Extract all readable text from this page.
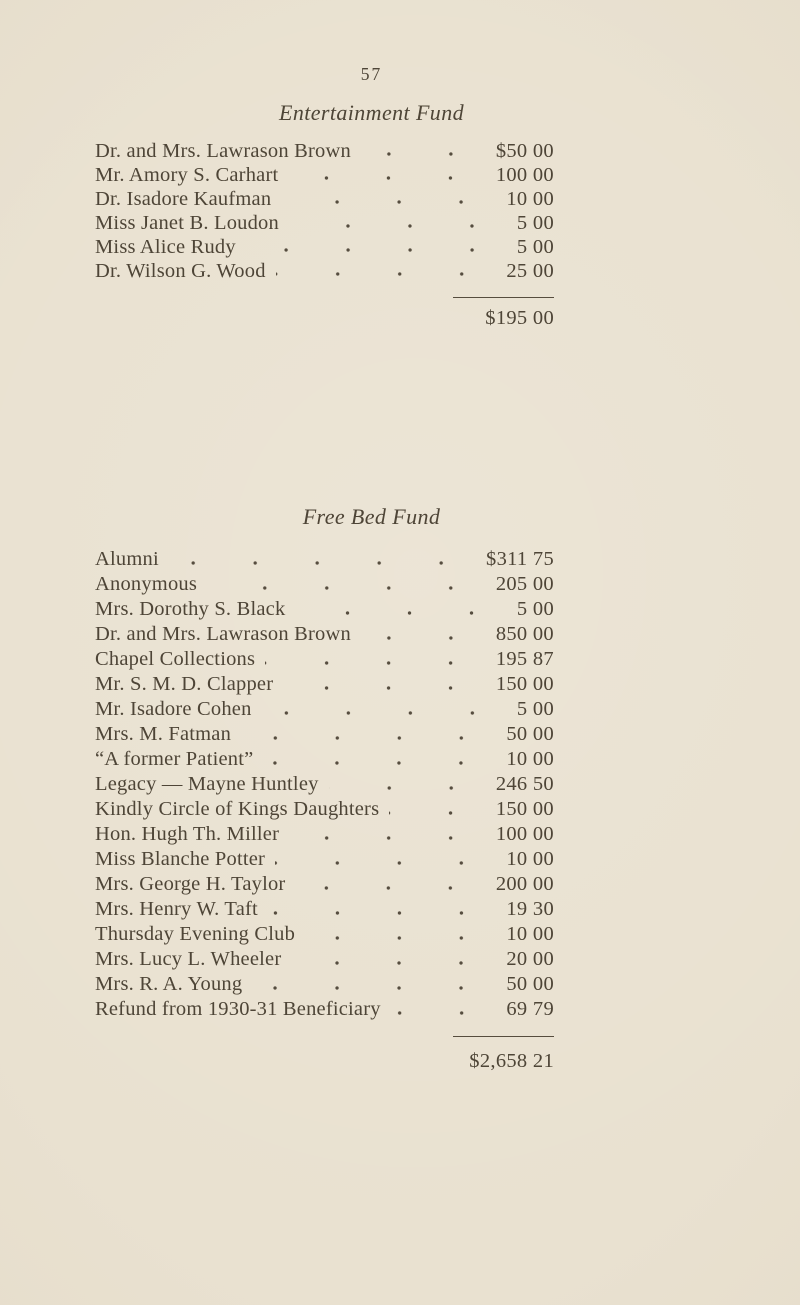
57
Entertainment Fund
Dr. and Mrs. Lawrason Brown	$50 00
Mr. Amory S. Carhart	100 00
Dr. Isadore Kaufman	10 00
Miss Janet B. Loudon	5 00
Miss Alice Rudy	5 00
Dr. Wilson G. Wood	25 00
$195 00
Free Bed Fund
Alumni	$311 75
Anonymous	205 00
Mrs. Dorothy S. Black	5 00
Dr. and Mrs. Lawrason Brown	850 00
Chapel Collections	195 87
Mr. S. M. D. Clapper	150 00
Mr. Isadore Cohen	5 00
Mrs. M. Fatman	50 00
“A former Patient”	10 00
Legacy — Mayne Huntley	246 50
Kindly Circle of Kings Daughters	150 00
Hon. Hugh Th. Miller	100 00
Miss Blanche Potter	10 00
Mrs. George H. Taylor	200 00
Mrs. Henry W. Taft	19 30
Thursday Evening Club	10 00
Mrs. Lucy L. Wheeler	20 00
Mrs. R. A. Young	50 00
Refund from 1930-31 Beneficiary	69 79
$2,658 21
